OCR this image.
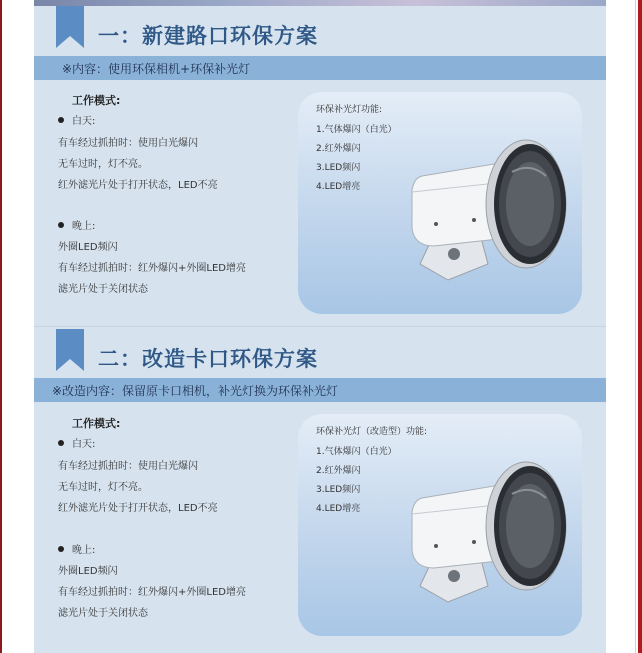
一：新建路口环保方案
※内容：使用环保相机+环保补光灯
工作模式:
白天:
有车经过抓拍时：使用白光爆闪
无车过时，灯不亮。
红外滤光片处于打开状态，LED不亮
晚上:
外圈LED频闪
有车经过抓拍时：红外爆闪+外圈LED增亮
滤光片处于关闭状态
环保补光灯功能:
1.气体爆闪（白光）
2.红外爆闪
3.LED频闪
4.LED增亮
二：改造卡口环保方案
※改造内容：保留原卡口相机，补光灯换为环保补光灯
工作模式:
白天:
有车经过抓拍时：使用白光爆闪
无车过时，灯不亮。
红外滤光片处于打开状态，LED不亮
晚上:
外圈LED频闪
有车经过抓拍时：红外爆闪+外圈LED增亮
滤光片处于关闭状态
环保补光灯（改造型）功能:
1.气体爆闪（白光）
2.红外爆闪
3.LED频闪
4.LED增亮
